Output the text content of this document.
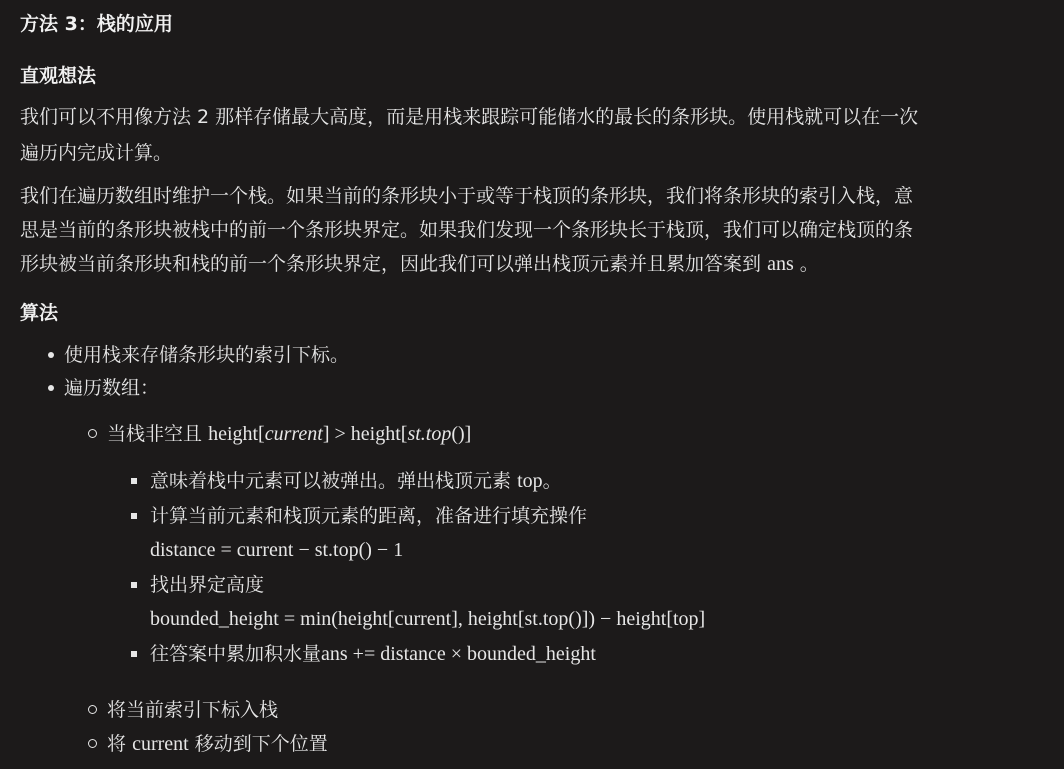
方法 3：栈的应用
直观想法
我们可以不用像方法 2 那样存储最大高度，而是用栈来跟踪可能储水的最长的条形块。使用栈就可以在一次
遍历内完成计算。
我们在遍历数组时维护一个栈。如果当前的条形块小于或等于栈顶的条形块，我们将条形块的索引入栈，意
思是当前的条形块被栈中的前一个条形块界定。如果我们发现一个条形块长于栈顶，我们可以确定栈顶的条
形块被当前条形块和栈的前一个条形块界定，因此我们可以弹出栈顶元素并且累加答案到 ans 。
算法
使用栈来存储条形块的索引下标。
遍历数组：
当栈非空且 height[current] > height[st.top()]
意味着栈中元素可以被弹出。弹出栈顶元素 top。
计算当前元素和栈顶元素的距离，准备进行填充操作
找出界定高度
往答案中累加积水量ans += distance × bounded_height
distance = current − st.top() − 1
bounded_height = min(height[current], height[st.top()]) − height[top]
将当前索引下标入栈
将 current 移动到下个位置
